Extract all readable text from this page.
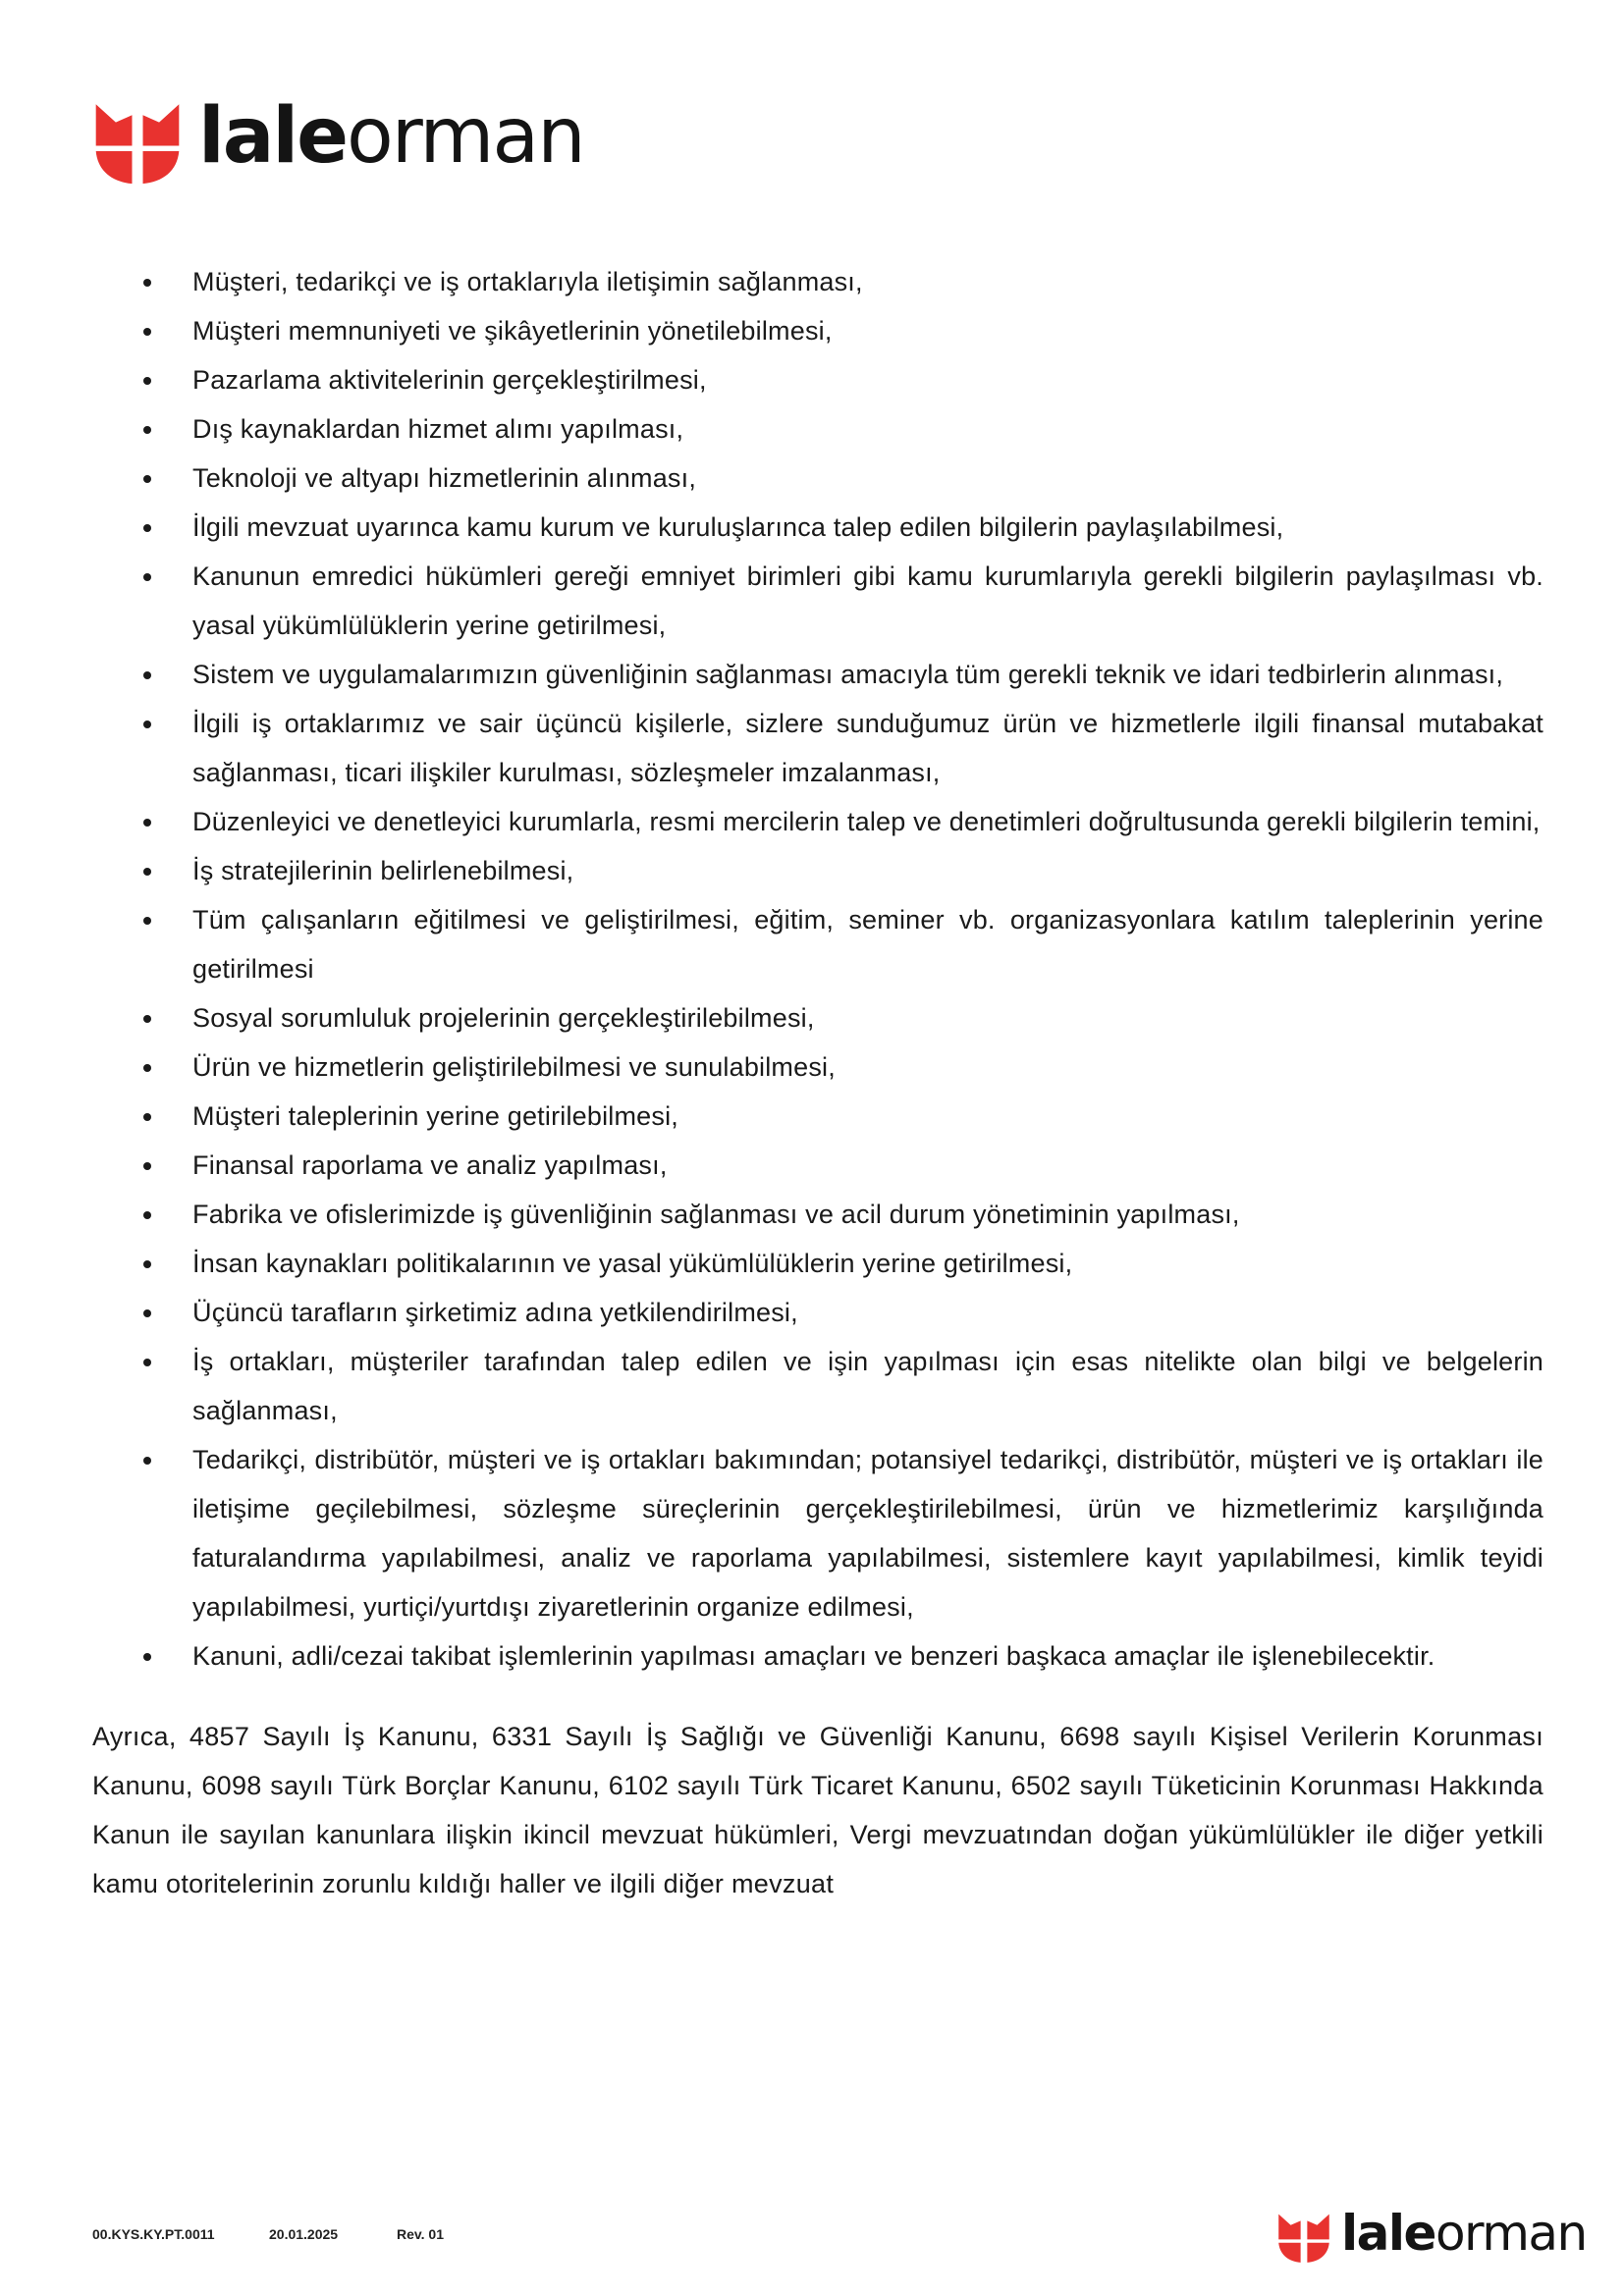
laleorman
Müşteri, tedarikçi ve iş ortaklarıyla iletişimin sağlanması,
Müşteri memnuniyeti ve şikâyetlerinin yönetilebilmesi,
Pazarlama aktivitelerinin gerçekleştirilmesi,
Dış kaynaklardan hizmet alımı yapılması,
Teknoloji ve altyapı hizmetlerinin alınması,
İlgili mevzuat uyarınca kamu kurum ve kuruluşlarınca talep edilen bilgilerin paylaşılabilmesi,
Kanunun emredici hükümleri gereği emniyet birimleri gibi kamu kurumlarıyla gerekli bilgilerin paylaşılması vb. yasal yükümlülüklerin yerine getirilmesi,
Sistem ve uygulamalarımızın güvenliğinin sağlanması amacıyla tüm gerekli teknik ve idari tedbirlerin alınması,
İlgili iş ortaklarımız ve sair üçüncü kişilerle, sizlere sunduğumuz ürün ve hizmetlerle ilgili finansal mutabakat sağlanması, ticari ilişkiler kurulması, sözleşmeler imzalanması,
Düzenleyici ve denetleyici kurumlarla, resmi mercilerin talep ve denetimleri doğrultusunda gerekli bilgilerin temini,
İş stratejilerinin belirlenebilmesi,
Tüm çalışanların eğitilmesi ve geliştirilmesi, eğitim, seminer vb. organizasyonlara katılım taleplerinin yerine getirilmesi
Sosyal sorumluluk projelerinin gerçekleştirilebilmesi,
Ürün ve hizmetlerin geliştirilebilmesi ve sunulabilmesi,
Müşteri taleplerinin yerine getirilebilmesi,
Finansal raporlama ve analiz yapılması,
Fabrika ve ofislerimizde iş güvenliğinin sağlanması ve acil durum yönetiminin yapılması,
İnsan kaynakları politikalarının ve yasal yükümlülüklerin yerine getirilmesi,
Üçüncü tarafların şirketimiz adına yetkilendirilmesi,
İş ortakları, müşteriler tarafından talep edilen ve işin yapılması için esas nitelikte olan bilgi ve belgelerin sağlanması,
Tedarikçi, distribütör, müşteri ve iş ortakları bakımından; potansiyel tedarikçi, distribütör, müşteri ve iş ortakları ile iletişime geçilebilmesi, sözleşme süreçlerinin gerçekleştirilebilmesi, ürün ve hizmetlerimiz karşılığında faturalandırma yapılabilmesi, analiz ve raporlama yapılabilmesi, sistemlere kayıt yapılabilmesi, kimlik teyidi yapılabilmesi, yurtiçi/yurtdışı ziyaretlerinin organize edilmesi,
Kanuni, adli/cezai takibat işlemlerinin yapılması amaçları ve benzeri başkaca amaçlar ile işlenebilecektir.
Ayrıca, 4857 Sayılı İş Kanunu, 6331 Sayılı İş Sağlığı ve Güvenliği Kanunu, 6698 sayılı Kişisel Verilerin Korunması Kanunu, 6098 sayılı Türk Borçlar Kanunu, 6102 sayılı Türk Ticaret Kanunu, 6502 sayılı Tüketicinin Korunması Hakkında Kanun ile sayılan kanunlara ilişkin ikincil mevzuat hükümleri, Vergi mevzuatından doğan yükümlülükler ile diğer yetkili kamu otoritelerinin zorunlu kıldığı haller ve ilgili diğer mevzuat
00.KYS.KY.PT.0011	20.01.2025	Rev. 01	laleorman
